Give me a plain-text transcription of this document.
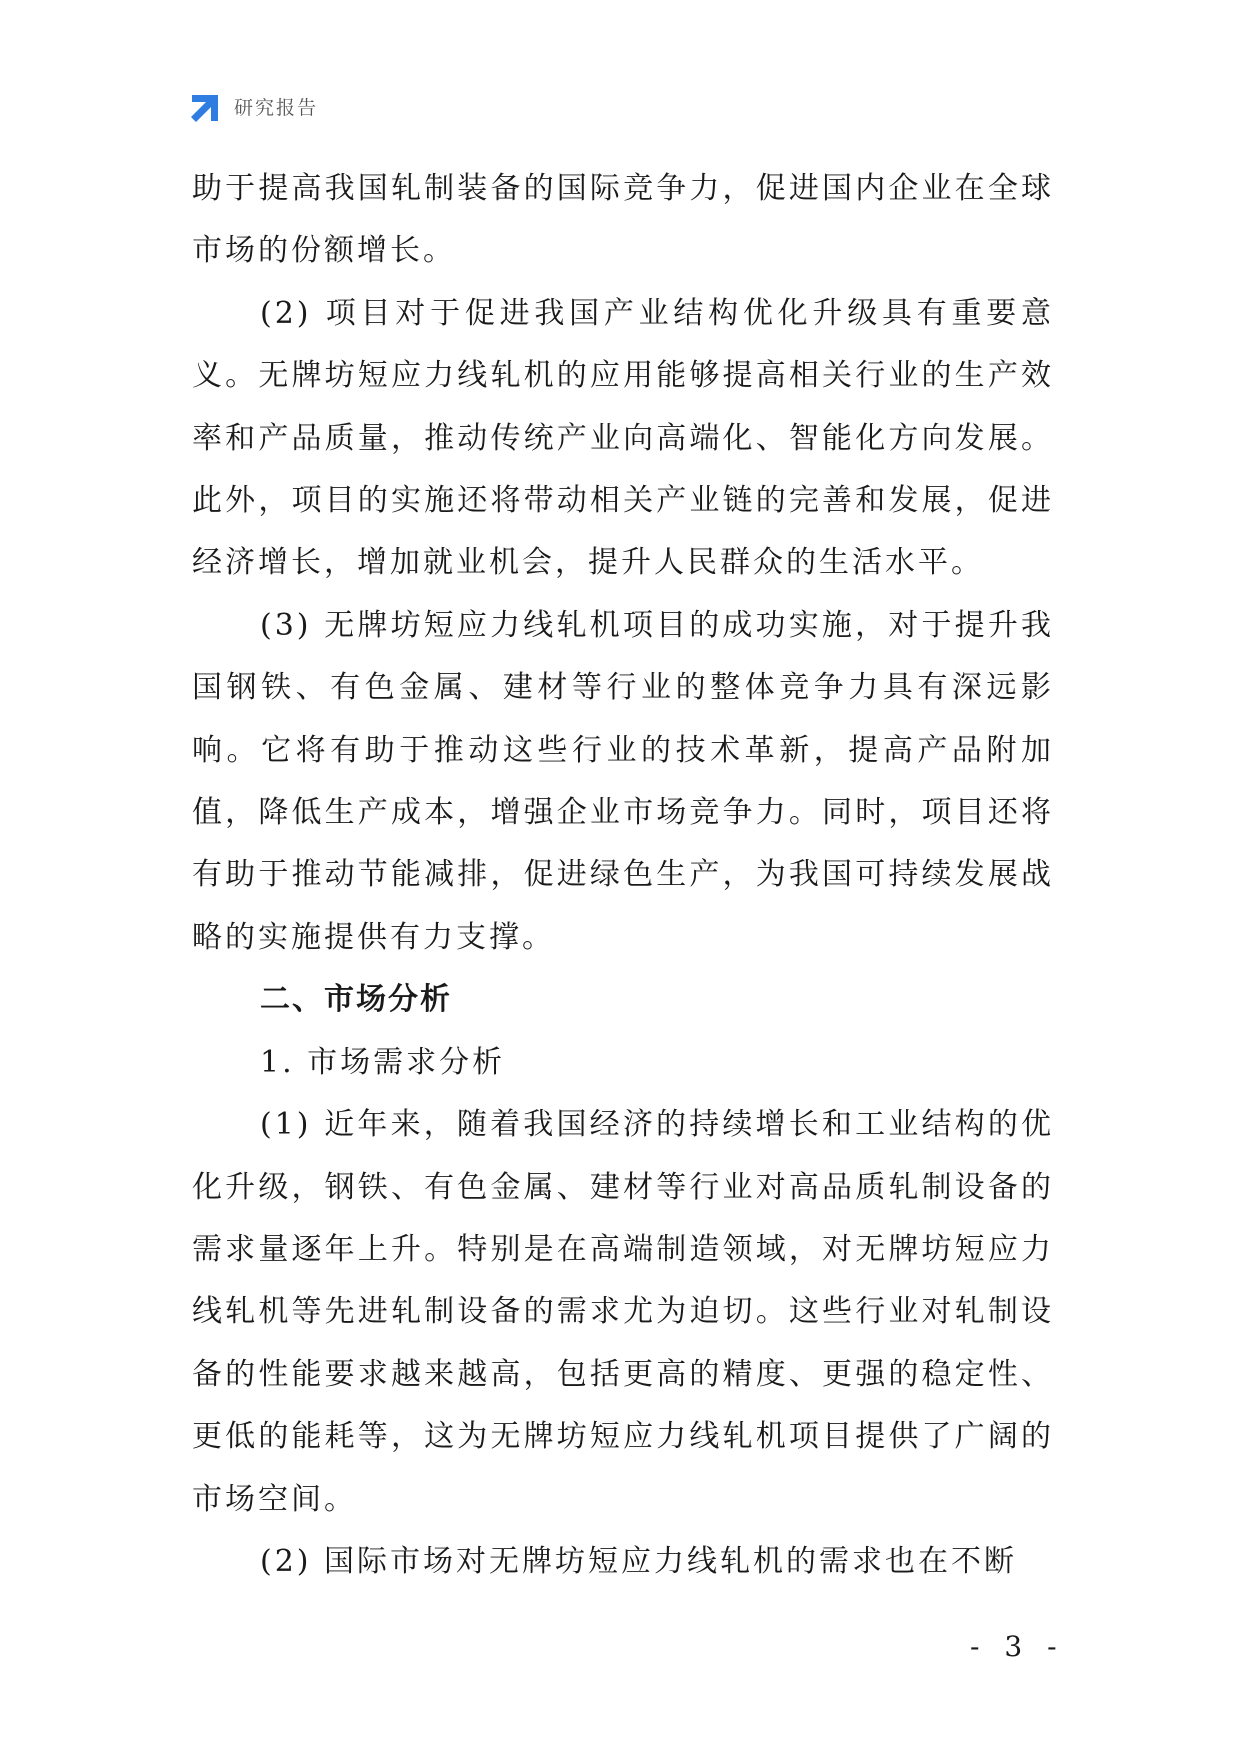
研究报告

助于提高我国轧制装备的国际竞争力，促进国内企业在全球市场的份额增长。

(2) 项目对于促进我国产业结构优化升级具有重要意义。无牌坊短应力线轧机的应用能够提高相关行业的生产效率和产品质量，推动传统产业向高端化、智能化方向发展。此外，项目的实施还将带动相关产业链的完善和发展，促进经济增长，增加就业机会，提升人民群众的生活水平。

(3) 无牌坊短应力线轧机项目的成功实施，对于提升我国钢铁、有色金属、建材等行业的整体竞争力具有深远影响。它将有助于推动这些行业的技术革新，提高产品附加值，降低生产成本，增强企业市场竞争力。同时，项目还将有助于推动节能减排，促进绿色生产，为我国可持续发展战略的实施提供有力支撑。

二、市场分析

1. 市场需求分析

(1) 近年来，随着我国经济的持续增长和工业结构的优化升级，钢铁、有色金属、建材等行业对高品质轧制设备的需求量逐年上升。特别是在高端制造领域，对无牌坊短应力线轧机等先进轧制设备的需求尤为迫切。这些行业对轧制设备的性能要求越来越高，包括更高的精度、更强的稳定性、更低的能耗等，这为无牌坊短应力线轧机项目提供了广阔的市场空间。

(2) 国际市场对无牌坊短应力线轧机的需求也在不断

- 3 -
